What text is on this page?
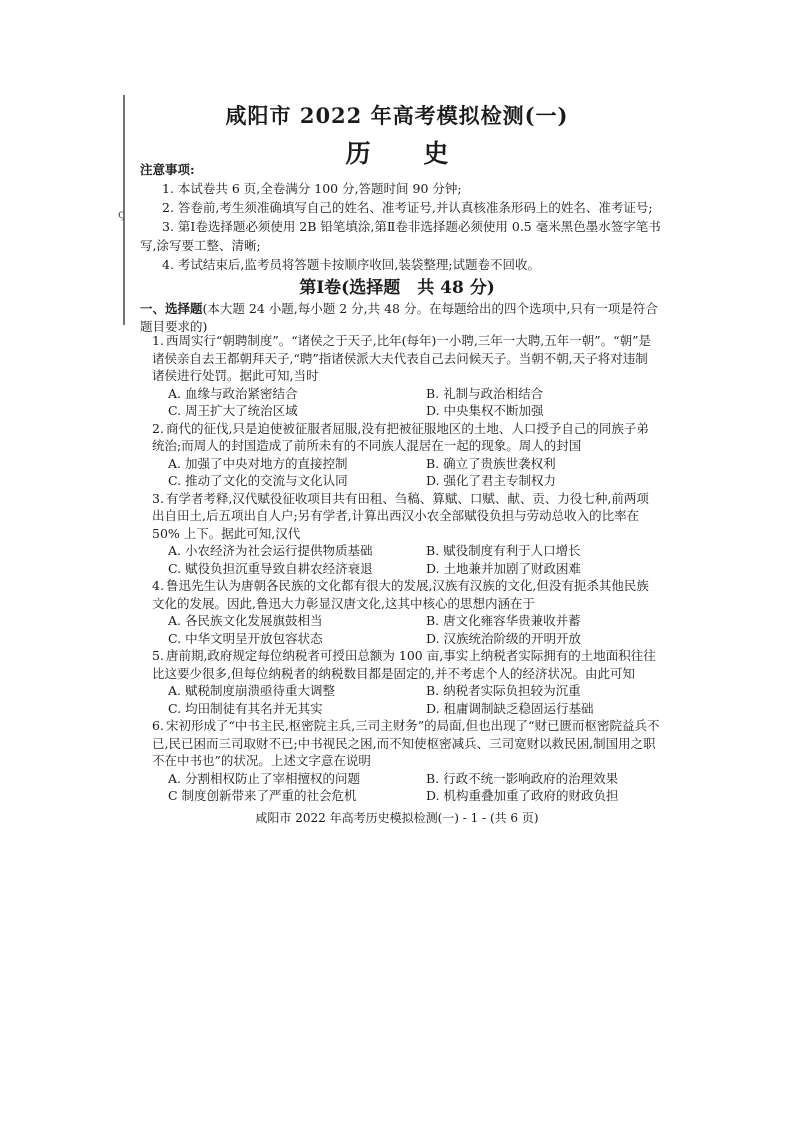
ς
咸阳市 2022 年高考模拟检测(一)
历 史
注意事项:
1. 本试卷共 6 页,全卷满分 100 分,答题时间 90 分钟;
2. 答卷前,考生须准确填写自己的姓名、准考证号,并认真核准条形码上的姓名、准考证号;
3. 第Ⅰ卷选择题必须使用 2B 铅笔填涂,第Ⅱ卷非选择题必须使用 0.5 毫米黑色墨水签字笔书写,涂写要工整、清晰;
4. 考试结束后,监考员将答题卡按顺序收回,装袋整理;试题卷不回收。
第Ⅰ卷(选择题　共 48 分)
一、选择题(本大题 24 小题,每小题 2 分,共 48 分。在每题给出的四个选项中,只有一项是符合题目要求的)
1. 西周实行“朝聘制度”。“诸侯之于天子,比年(每年)一小聘,三年一大聘,五年一朝”。“朝”是诸侯亲自去王都朝拜天子,“聘”指诸侯派大夫代表自己去问候天子。当朝不朝,天子将对违制诸侯进行处罚。据此可知,当时
A. 血缘与政治紧密结合	B. 礼制与政治相结合
C. 周王扩大了统治区域	D. 中央集权不断加强
2. 商代的征伐,只是迫使被征服者屈服,没有把被征服地区的土地、人口授予自己的同族子弟统治;而周人的封国造成了前所未有的不同族人混居在一起的现象。周人的封国
A. 加强了中央对地方的直接控制	B. 确立了贵族世袭权利
C. 推动了文化的交流与文化认同	D. 强化了君主专制权力
3. 有学者考释,汉代赋役征收项目共有田租、刍稿、算赋、口赋、献、贡、力役七种,前两项出自田土,后五项出自人户;另有学者,计算出西汉小农全部赋役负担与劳动总收入的比率在 50% 上下。据此可知,汉代
A. 小农经济为社会运行提供物质基础	B. 赋役制度有利于人口增长
C. 赋役负担沉重导致自耕农经济衰退	D. 土地兼并加剧了财政困难
4. 鲁迅先生认为唐朝各民族的文化都有很大的发展,汉族有汉族的文化,但没有扼杀其他民族文化的发展。因此,鲁迅大力彰显汉唐文化,这其中核心的思想内涵在于
A. 各民族文化发展旗鼓相当	B. 唐文化雍容华贵兼收并蓄
C. 中华文明呈开放包容状态	D. 汉族统治阶级的开明开放
5. 唐前期,政府规定每位纳税者可授田总额为 100 亩,事实上纳税者实际拥有的土地面积往往比这要少很多,但每位纳税者的纳税数目都是固定的,并不考虑个人的经济状况。由此可知
A. 赋税制度崩溃亟待重大调整	B. 纳税者实际负担较为沉重
C. 均田制徒有其名并无其实	D. 租庸调制缺乏稳固运行基础
6. 宋初形成了“中书主民,枢密院主兵,三司主财务”的局面,但也出现了“财已匮而枢密院益兵不已,民已困而三司取财不已;中书视民之困,而不知使枢密减兵、三司宽财以救民困,制国用之职不在中书也”的状况。上述文字意在说明
A. 分割相权防止了宰相擅权的问题	B. 行政不统一影响政府的治理效果
C 制度创新带来了严重的社会危机	D. 机构重叠加重了政府的财政负担
咸阳市 2022 年高考历史模拟检测(一) - 1 - (共 6 页)
